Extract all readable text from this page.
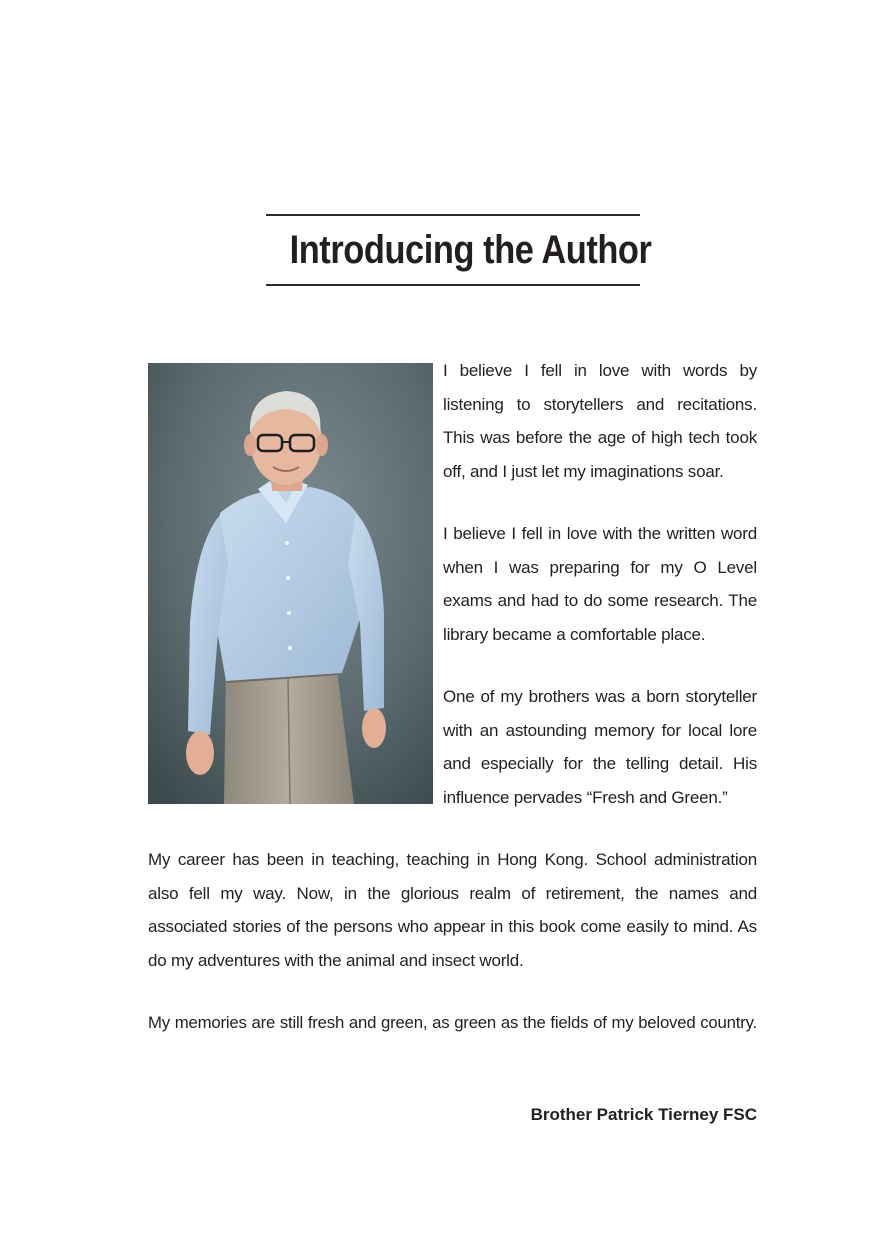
Introducing the Author
I believe I fell in love with words by
listening to storytellers and recitations.
This was before the age of high tech took
off, and I just let my imaginations soar.
I believe I fell in love with the written word
when I was preparing for my O Level
exams and had to do some research. The
library became a comfortable place.
One of my brothers was a born storyteller
with an astounding memory for local lore
and especially for the telling detail. His
influence pervades “Fresh and Green.”
My career has been in teaching, teaching in Hong Kong. School administration
also fell my way. Now, in the glorious realm of retirement, the names and
associated stories of the persons who appear in this book come easily to mind. As
do my adventures with the animal and insect world.
My memories are still fresh and green, as green as the fields of my beloved country.
Brother Patrick Tierney FSC
